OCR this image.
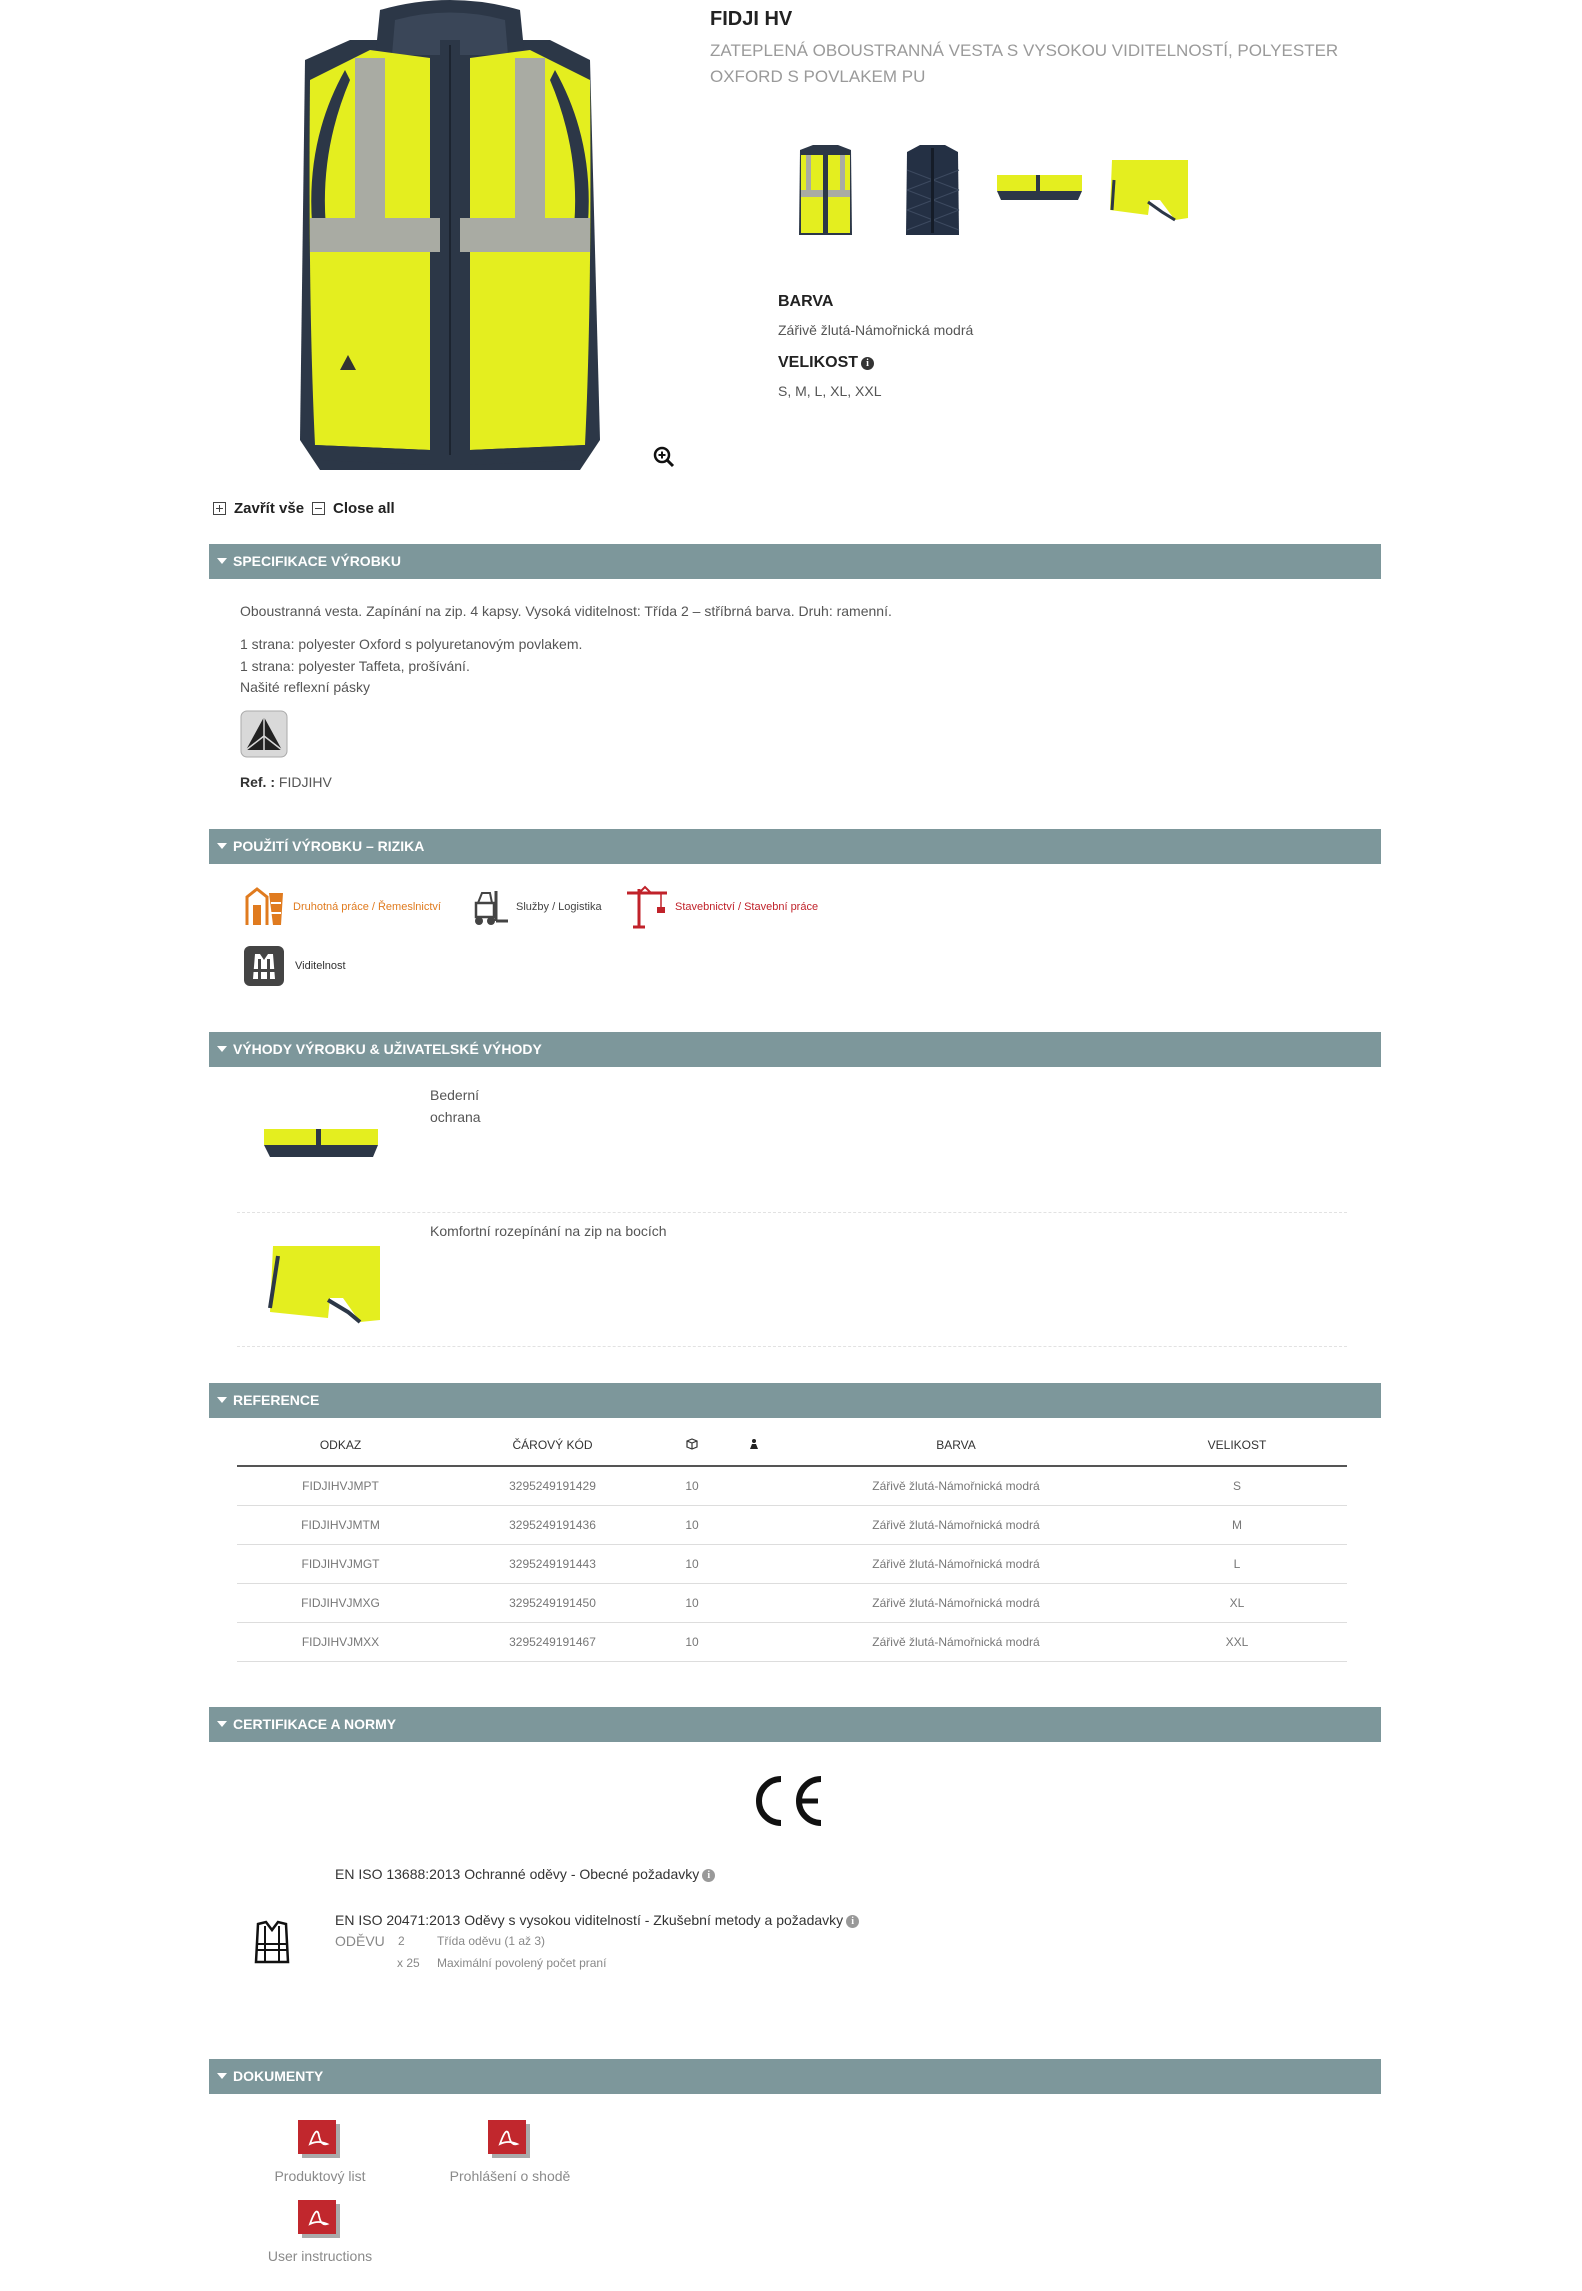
FIDJI HV
ZATEPLENÁ OBOUSTRANNÁ VESTA S VYSOKOU VIDITELNOSTÍ, POLYESTER OXFORD S POVLAKEM PU
BARVA
Zářivě žlutá-Námořnická modrá
VELIKOST i
S, M, L, XL, XXL
Zavřít vše Close all
SPECIFIKACE VÝROBKU
Oboustranná vesta. Zapínání na zip. 4 kapsy. Vysoká viditelnost: Třída 2 – stříbrná barva. Druh: ramenní.
1 strana: polyester Oxford s polyuretanovým povlakem.
1 strana: polyester Taffeta, prošívání.
Našité reflexní pásky
Ref. : FIDJIHV
POUŽITÍ VÝROBKU – RIZIKA
Druhotná práce / Řemeslnictví	Služby / Logistika	Stavebnictví / Stavební práce
Viditelnost
VÝHODY VÝROBKU & UŽIVATELSKÉ VÝHODY
Bederní ochrana
Komfortní rozepínání na zip na bocích
REFERENCE
ODKAZ	ČÁROVÝ KÓD			BARVA	VELIKOST
FIDJIHVJMPT	3295249191429	10		Zářivě žlutá-Námořnická modrá	S
FIDJIHVJMTM	3295249191436	10		Zářivě žlutá-Námořnická modrá	M
FIDJIHVJMGT	3295249191443	10		Zářivě žlutá-Námořnická modrá	L
FIDJIHVJMXG	3295249191450	10		Zářivě žlutá-Námořnická modrá	XL
FIDJIHVJMXX	3295249191467	10		Zářivě žlutá-Námořnická modrá	XXL
CERTIFIKACE A NORMY
EN ISO 13688:2013 Ochranné oděvy - Obecné požadavky i
EN ISO 20471:2013 Oděvy s vysokou viditelností - Zkušební metody a požadavky i
ODĚVU 2	Třída oděvu (1 až 3)
x 25 Maximální povolený počet praní
DOKUMENTY
Produktový list	Prohlášení o shodě
User instructions
